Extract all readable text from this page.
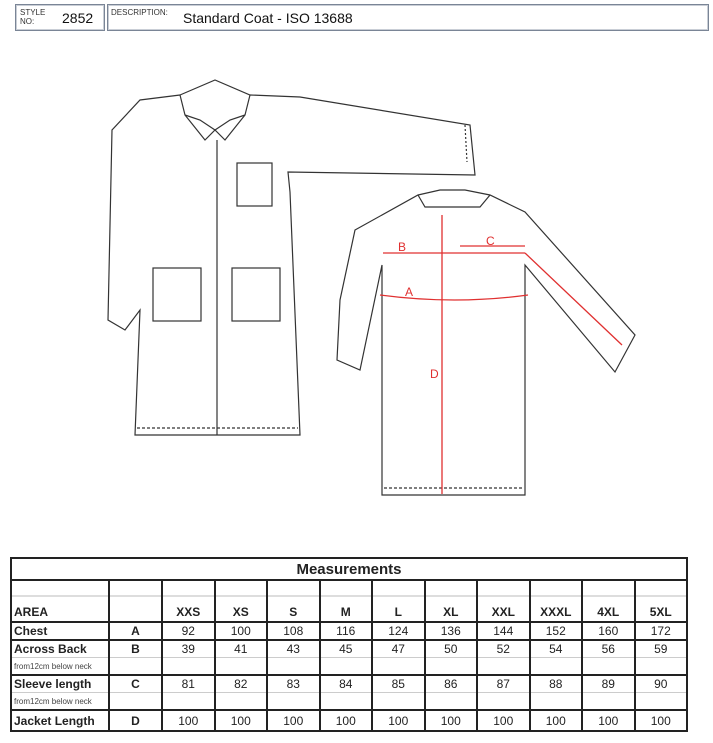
STYLE NO:	2852 DESCRIPTION: Standard Coat - ISO 13688
B	C
A
D
Measurements											
AREA		XXS	XS	S	M	L	XL	XXL	XXXL	4XL	5XL
Chest	A	92	100	108	116	124	136	144	152	160	172
Across Back	B	39	41	43	45	47	50	52	54	56	59
from12cm below neck											
Sleeve length	C	81	82	83	84	85	86	87	88	89	90
from12cm below neck											
Jacket Length	D	100	100	100	100	100	100	100	100	100	100
